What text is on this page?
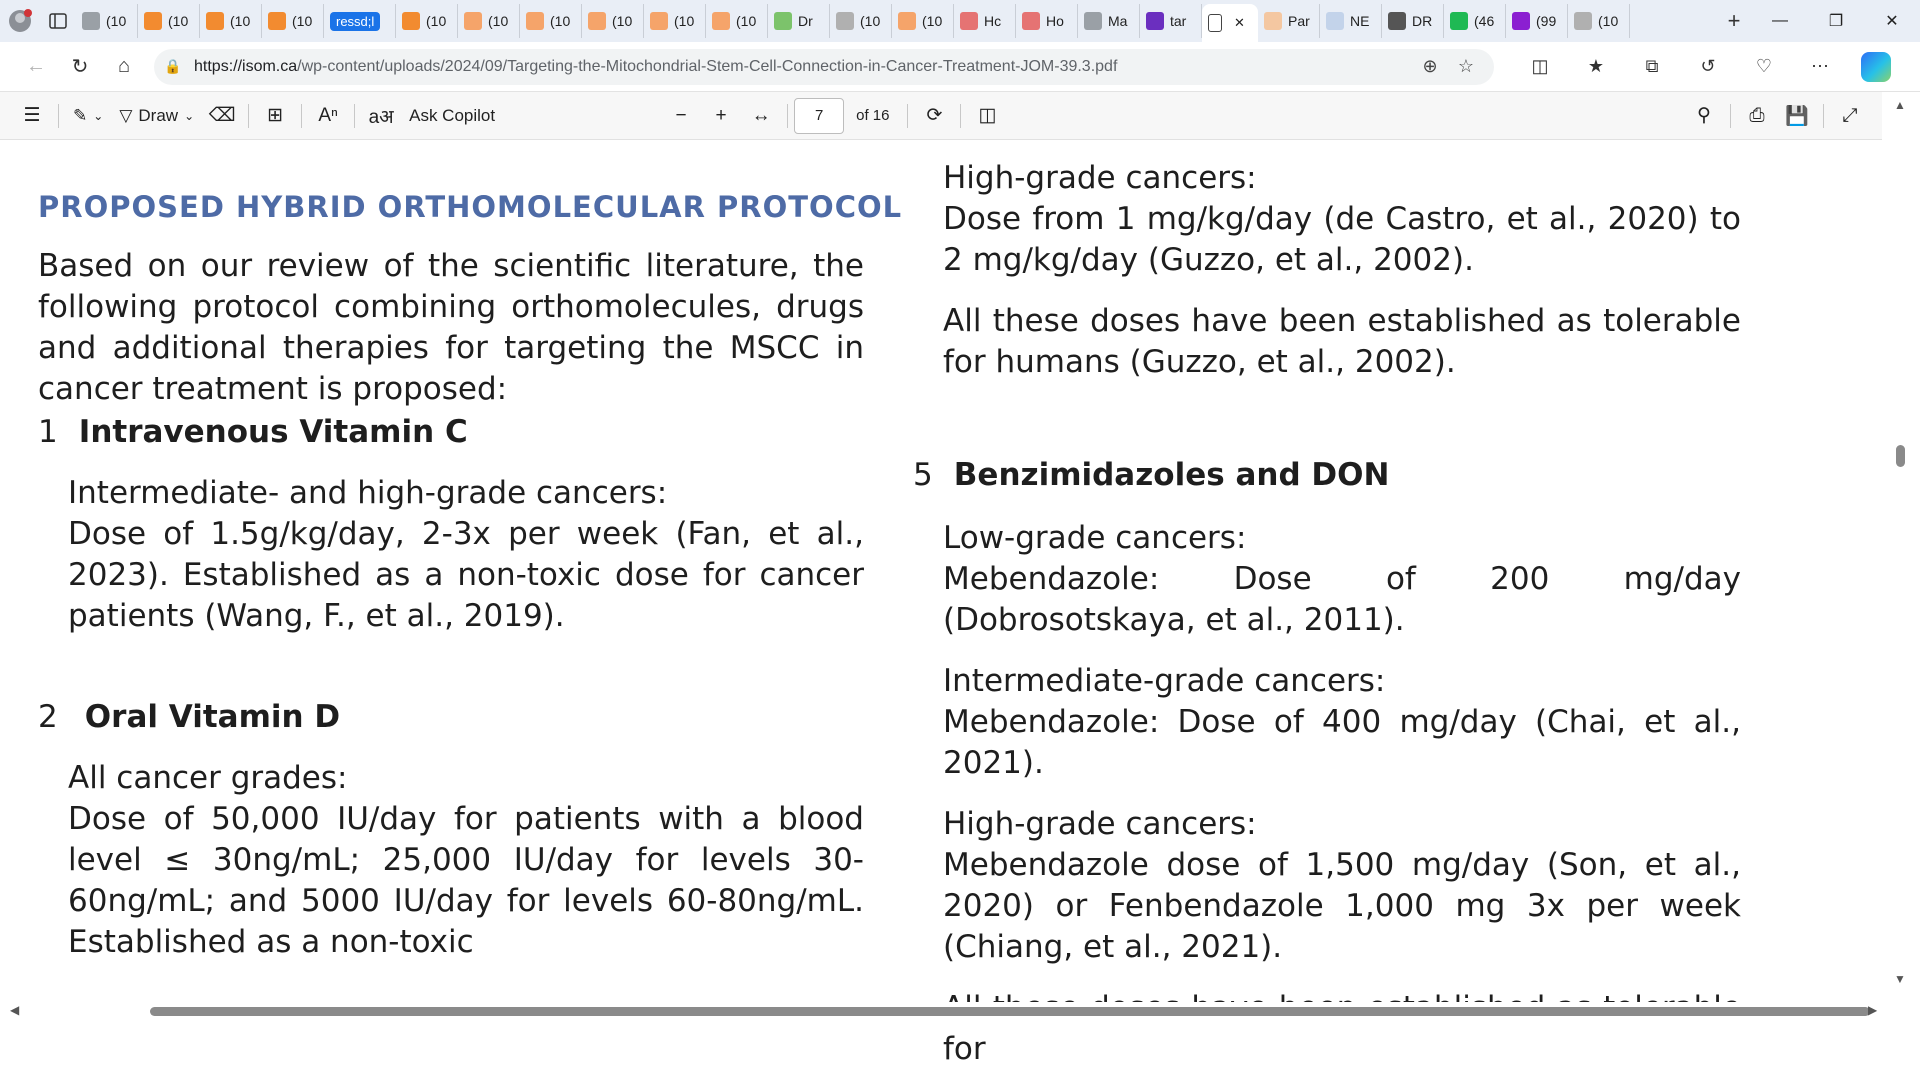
(10	(10	(10	(10	ressd;l	(10	(10	(10	(10	(10	(10	Dr	(10	(10	Hc	Ho	Ma	tar	✕	Par	NE	DR	(46	(99	(10	+	—	❐	✕
←	↻	⌂	🔒 https://isom.ca/wp-content/uploads/2024/09/Targeting-the-Mitochondrial-Stem-Cell-Connection-in-Cancer-Treatment-JOM-39.3.pdf	⊕	☆	◫	★	⧉	↺	♡	⋯
☰	✎ ⌄ ▽ Draw ⌄ ⌫ ⊞ Aⁿ aअ Ask Copilot	−	+	↔	7	of 16	⟳ ◫	⚲ ⎙ 💾 ⤢
PROPOSED HYBRID ORTHOMOLECULAR PROTOCOL
Based on our review of the scientific literature, the following protocol combining orthomolecules, drugs and additional therapies for targeting the MSCC in cancer treatment is proposed:
1 Intravenous Vitamin C

Intermediate- and high-grade cancers:

Dose of 1.5g/kg/day, 2-3x per week (Fan, et al., 2023). Established as a non-toxic dose for cancer patients (Wang, F., et al., 2019).

2 Oral Vitamin D

All cancer grades:

Dose of 50,000 IU/day for patients with a blood level ≤ 30ng/mL; 25,000 IU/day for levels 30-60ng/mL; and 5000 IU/day for levels 60-80ng/mL. Established as a non-toxic

High-grade cancers:

Dose from 1 mg/kg/day (de Castro, et al., 2020) to 2 mg/kg/day (Guzzo, et al., 2002).

All these doses have been established as tolerable for humans (Guzzo, et al., 2002).

5 Benzimidazoles and DON

Low-grade cancers:

Mebendazole: Dose of 200 mg/day (Dobrosotskaya, et al., 2011).

Intermediate-grade cancers:

Mebendazole: Dose of 400 mg/day (Chai, et al., 2021).

High-grade cancers:

Mebendazole dose of 1,500 mg/day (Son, et al., 2020) or Fenbendazole 1,000 mg 3x per week (Chiang, et al., 2021).

for

▲
▼
◀	▶
